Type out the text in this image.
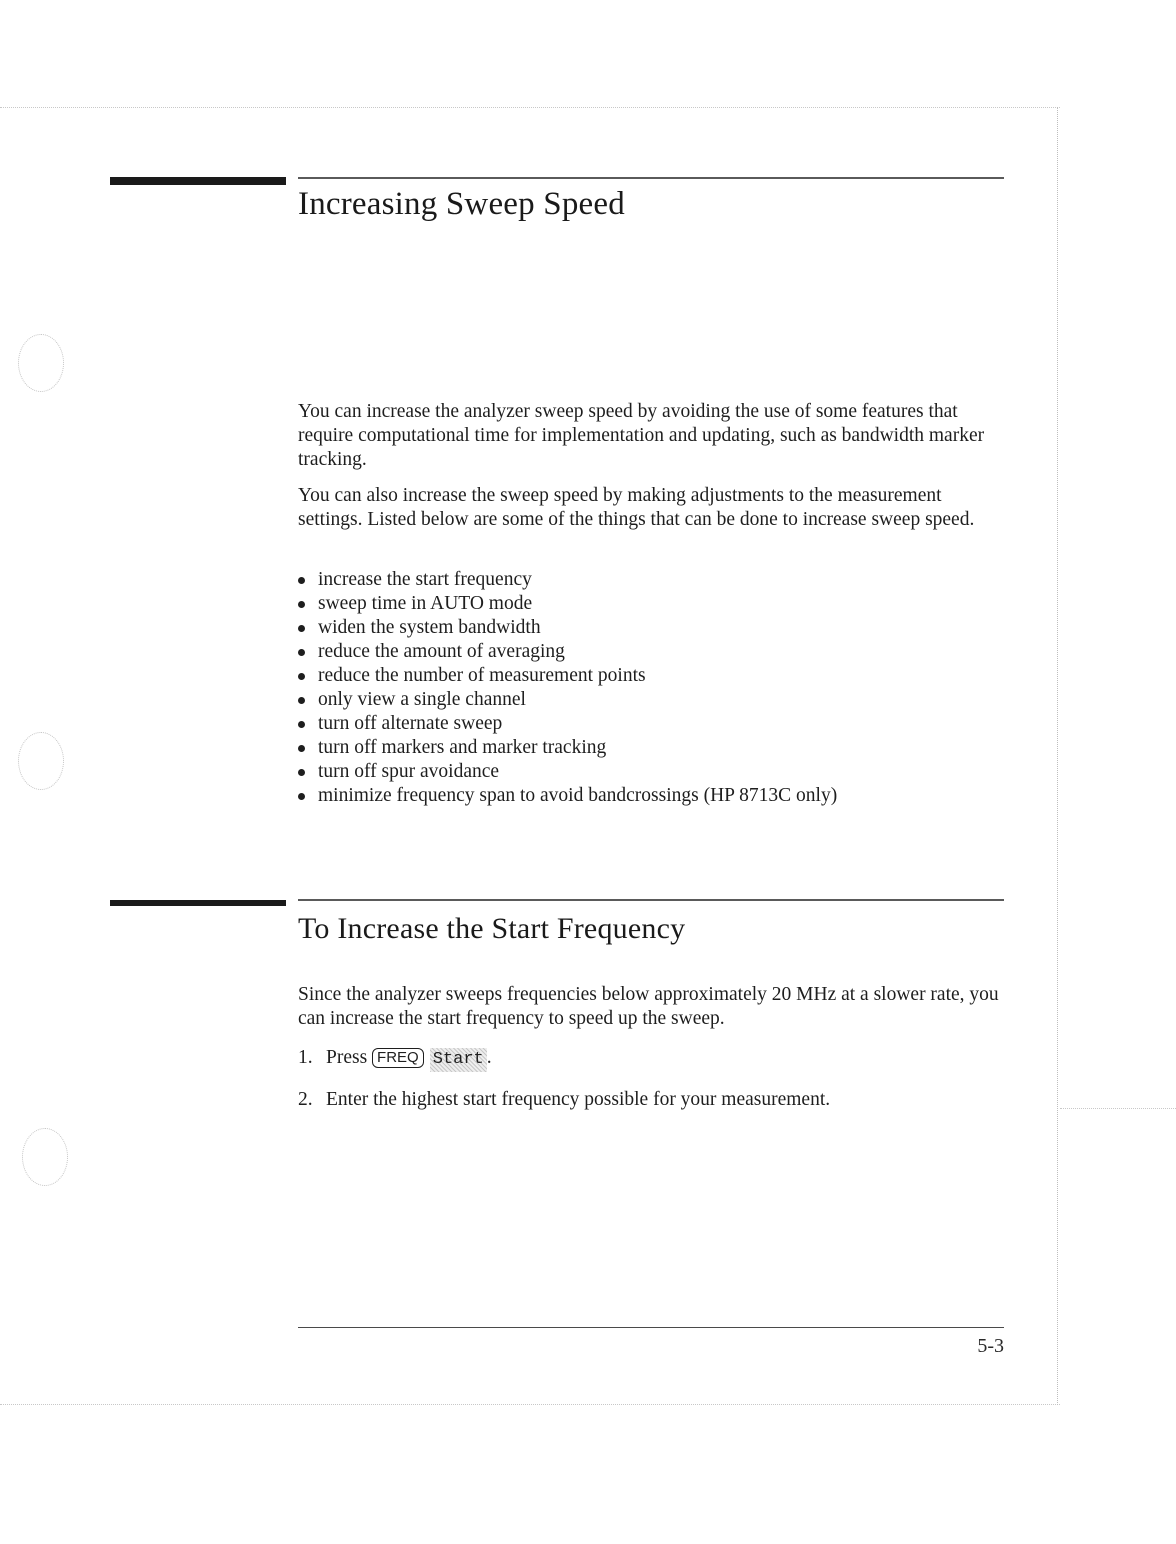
Increasing Sweep Speed

You can increase the analyzer sweep speed by avoiding the use of some features that require computational time for implementation and updating, such as bandwidth marker tracking.

You can also increase the sweep speed by making adjustments to the measurement settings. Listed below are some of the things that can be done to increase sweep speed.

increase the start frequency
sweep time in AUTO mode
widen the system bandwidth
reduce the amount of averaging
reduce the number of measurement points
only view a single channel
turn off alternate sweep
turn off markers and marker tracking
turn off spur avoidance
minimize frequency span to avoid bandcrossings (HP 8713C only)
To Increase the Start Frequency

Since the analyzer sweeps frequencies below approximately 20 MHz at a slower rate, you can increase the start frequency to speed up the sweep.

1. Press FREQ Start .

2. Enter the highest start frequency possible for your measurement.

5-3
